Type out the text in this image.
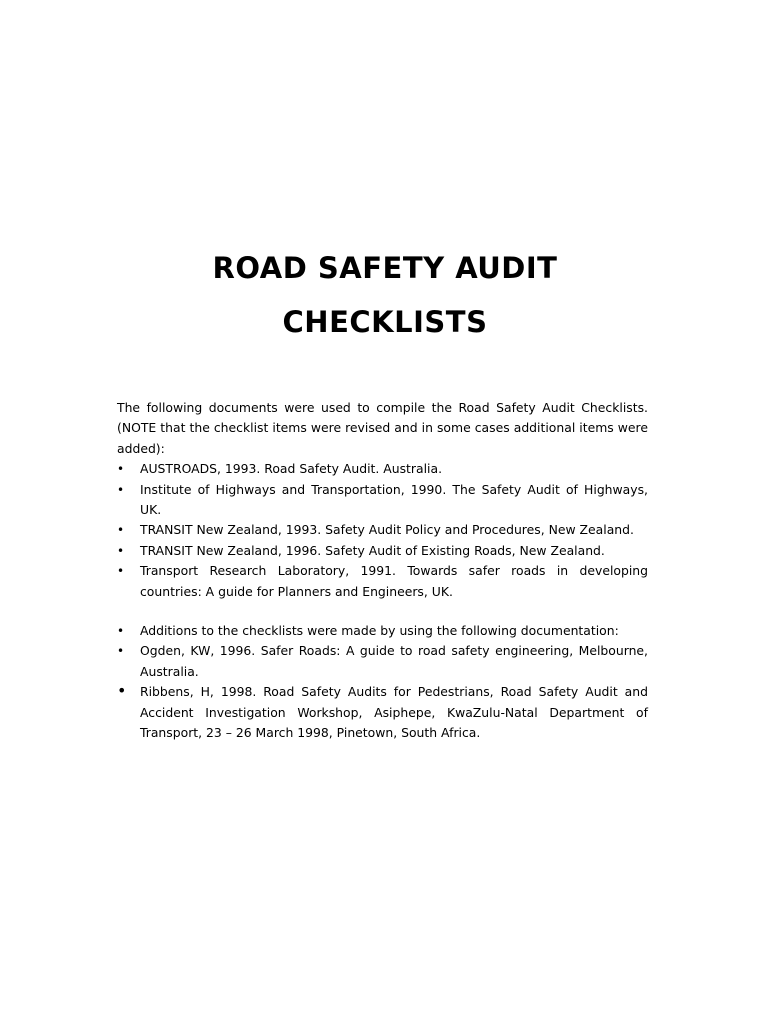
ROAD SAFETY AUDIT
CHECKLISTS

The following documents were used to compile the Road Safety Audit Checklists. (NOTE that the checklist items were revised and in some cases additional items were added):

•	AUSTROADS, 1993. Road Safety Audit. Australia.
•	Institute of Highways and Transportation, 1990. The Safety Audit of Highways, UK.
•	TRANSIT New Zealand, 1993. Safety Audit Policy and Procedures, New Zealand.
•	TRANSIT New Zealand, 1996. Safety Audit of Existing Roads, New Zealand.
•	Transport Research Laboratory, 1991. Towards safer roads in developing countries: A guide for Planners and Engineers, UK.
•	Additions to the checklists were made by using the following documentation:
•	Ogden, KW, 1996. Safer Roads: A guide to road safety engineering, Melbourne, Australia.
• Ribbens, H, 1998. Road Safety Audits for Pedestrians, Road Safety Audit and Accident Investigation Workshop, Asiphepe, KwaZulu-Natal Department of Transport, 23 – 26 March 1998, Pinetown, South Africa.
